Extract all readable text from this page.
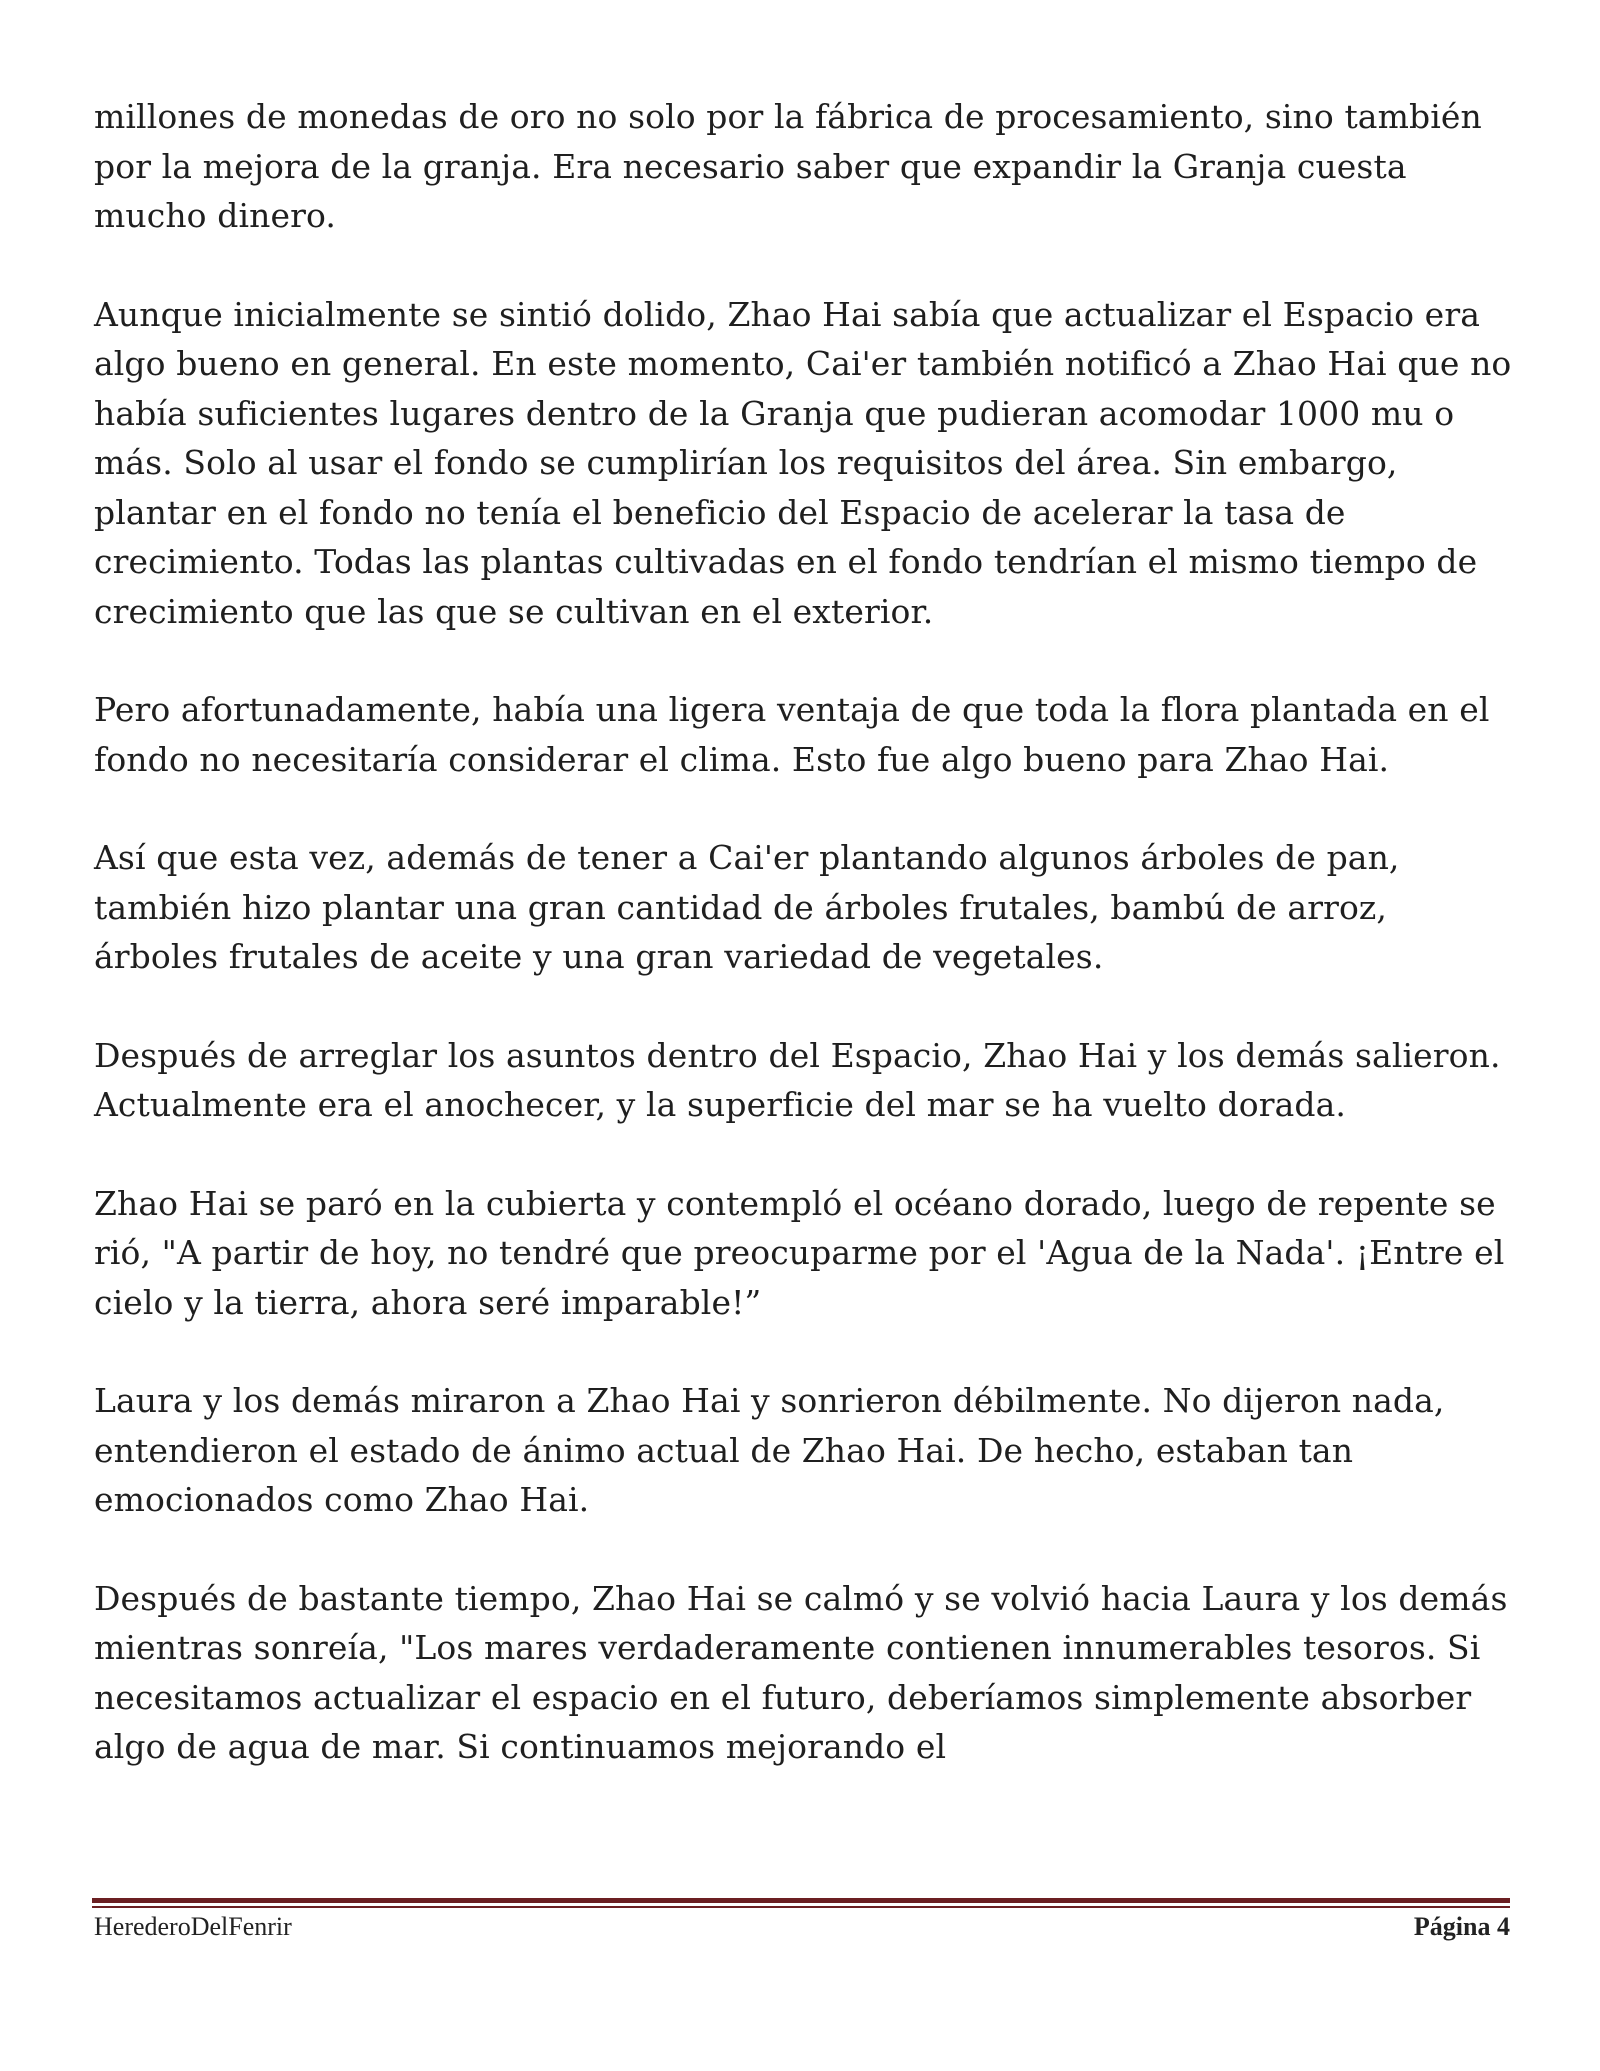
millones de monedas de oro no solo por la fábrica de procesamiento, sino también por la mejora de la granja. Era necesario saber que expandir la Granja cuesta mucho dinero.

Aunque inicialmente se sintió dolido, Zhao Hai sabía que actualizar el Espacio era algo bueno en general. En este momento, Cai'er también notificó a Zhao Hai que no había suficientes lugares dentro de la Granja que pudieran acomodar 1000 mu o más. Solo al usar el fondo se cumplirían los requisitos del área. Sin embargo, plantar en el fondo no tenía el beneficio del Espacio de acelerar la tasa de crecimiento. Todas las plantas cultivadas en el fondo tendrían el mismo tiempo de crecimiento que las que se cultivan en el exterior.

Pero afortunadamente, había una ligera ventaja de que toda la flora plantada en el fondo no necesitaría considerar el clima. Esto fue algo bueno para Zhao Hai.

Así que esta vez, además de tener a Cai'er plantando algunos árboles de pan, también hizo plantar una gran cantidad de árboles frutales, bambú de arroz, árboles frutales de aceite y una gran variedad de vegetales.

Después de arreglar los asuntos dentro del Espacio, Zhao Hai y los demás salieron. Actualmente era el anochecer, y la superficie del mar se ha vuelto dorada.

Zhao Hai se paró en la cubierta y contempló el océano dorado, luego de repente se rió, "A partir de hoy, no tendré que preocuparme por el 'Agua de la Nada'. ¡Entre el cielo y la tierra, ahora seré imparable!”

Laura y los demás miraron a Zhao Hai y sonrieron débilmente. No dijeron nada, entendieron el estado de ánimo actual de Zhao Hai. De hecho, estaban tan emocionados como Zhao Hai.

Después de bastante tiempo, Zhao Hai se calmó y se volvió hacia Laura y los demás mientras sonreía, "Los mares verdaderamente contienen innumerables tesoros. Si necesitamos actualizar el espacio en el futuro, deberíamos simplemente absorber algo de agua de mar. Si continuamos mejorando el

HerederoDelFenrir	Página 4
